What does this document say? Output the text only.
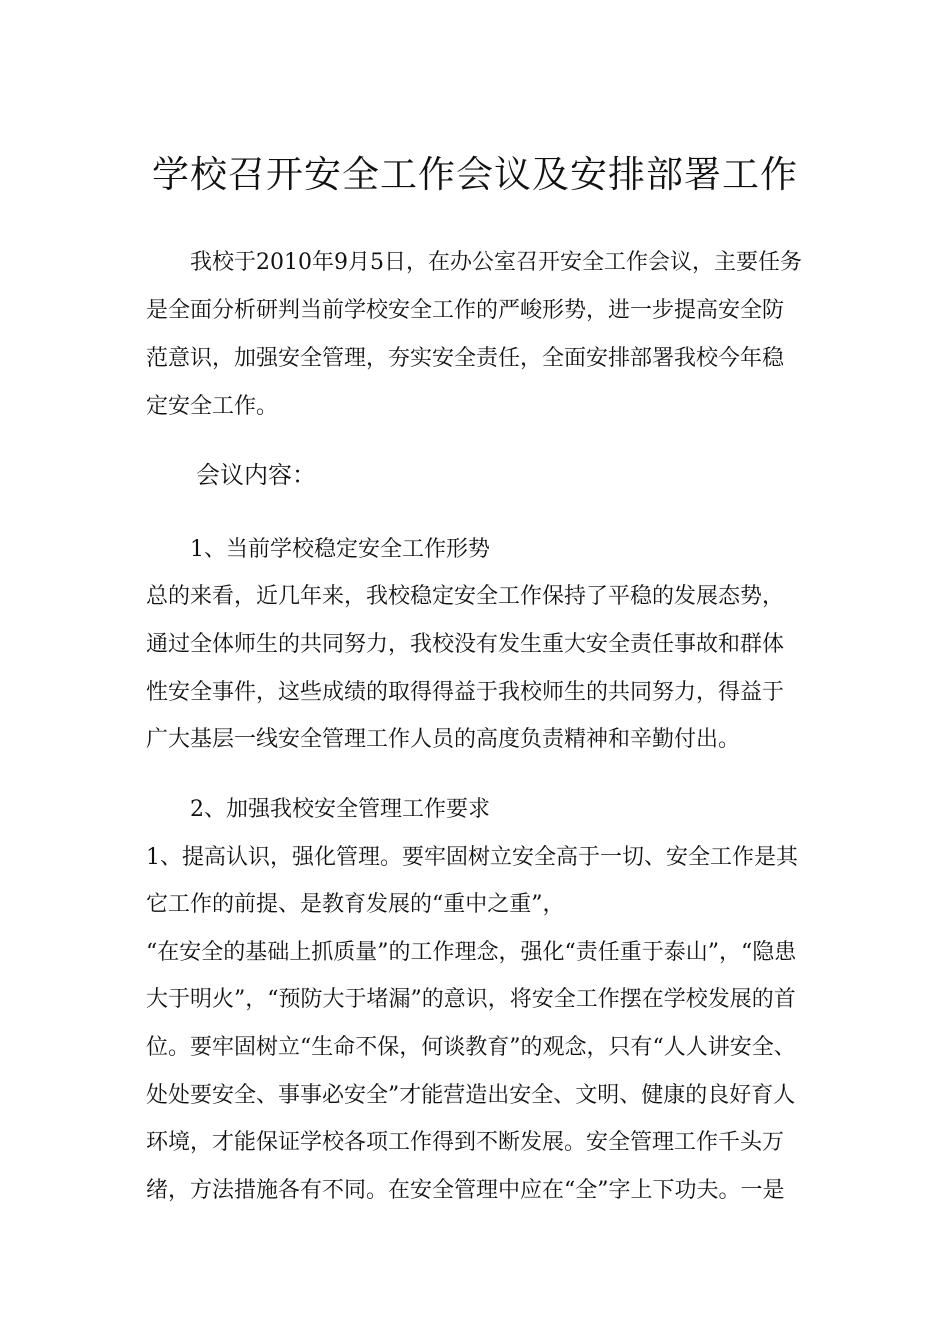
学校召开安全工作会议及安排部署工作
我校于2010年9月5日，在办公室召开安全工作会议，主要任务
是全面分析研判当前学校安全工作的严峻形势，进一步提高安全防
范意识，加强安全管理，夯实安全责任，全面安排部署我校今年稳
定安全工作。
会议内容：
1、当前学校稳定安全工作形势
总的来看，近几年来，我校稳定安全工作保持了平稳的发展态势，
通过全体师生的共同努力，我校没有发生重大安全责任事故和群体
性安全事件，这些成绩的取得得益于我校师生的共同努力，得益于
广大基层一线安全管理工作人员的高度负责精神和辛勤付出。
2、加强我校安全管理工作要求
1、提高认识，强化管理。要牢固树立安全高于一切、安全工作是其
它工作的前提、是教育发展的“重中之重”，
“在安全的基础上抓质量”的工作理念，强化“责任重于泰山”，“隐患
大于明火”，“预防大于堵漏”的意识，将安全工作摆在学校发展的首
位。要牢固树立“生命不保，何谈教育”的观念，只有“人人讲安全、
处处要安全、事事必安全”才能营造出安全、文明、健康的良好育人
环境，才能保证学校各项工作得到不断发展。安全管理工作千头万
绪，方法措施各有不同。在安全管理中应在“全”字上下功夫。一是
